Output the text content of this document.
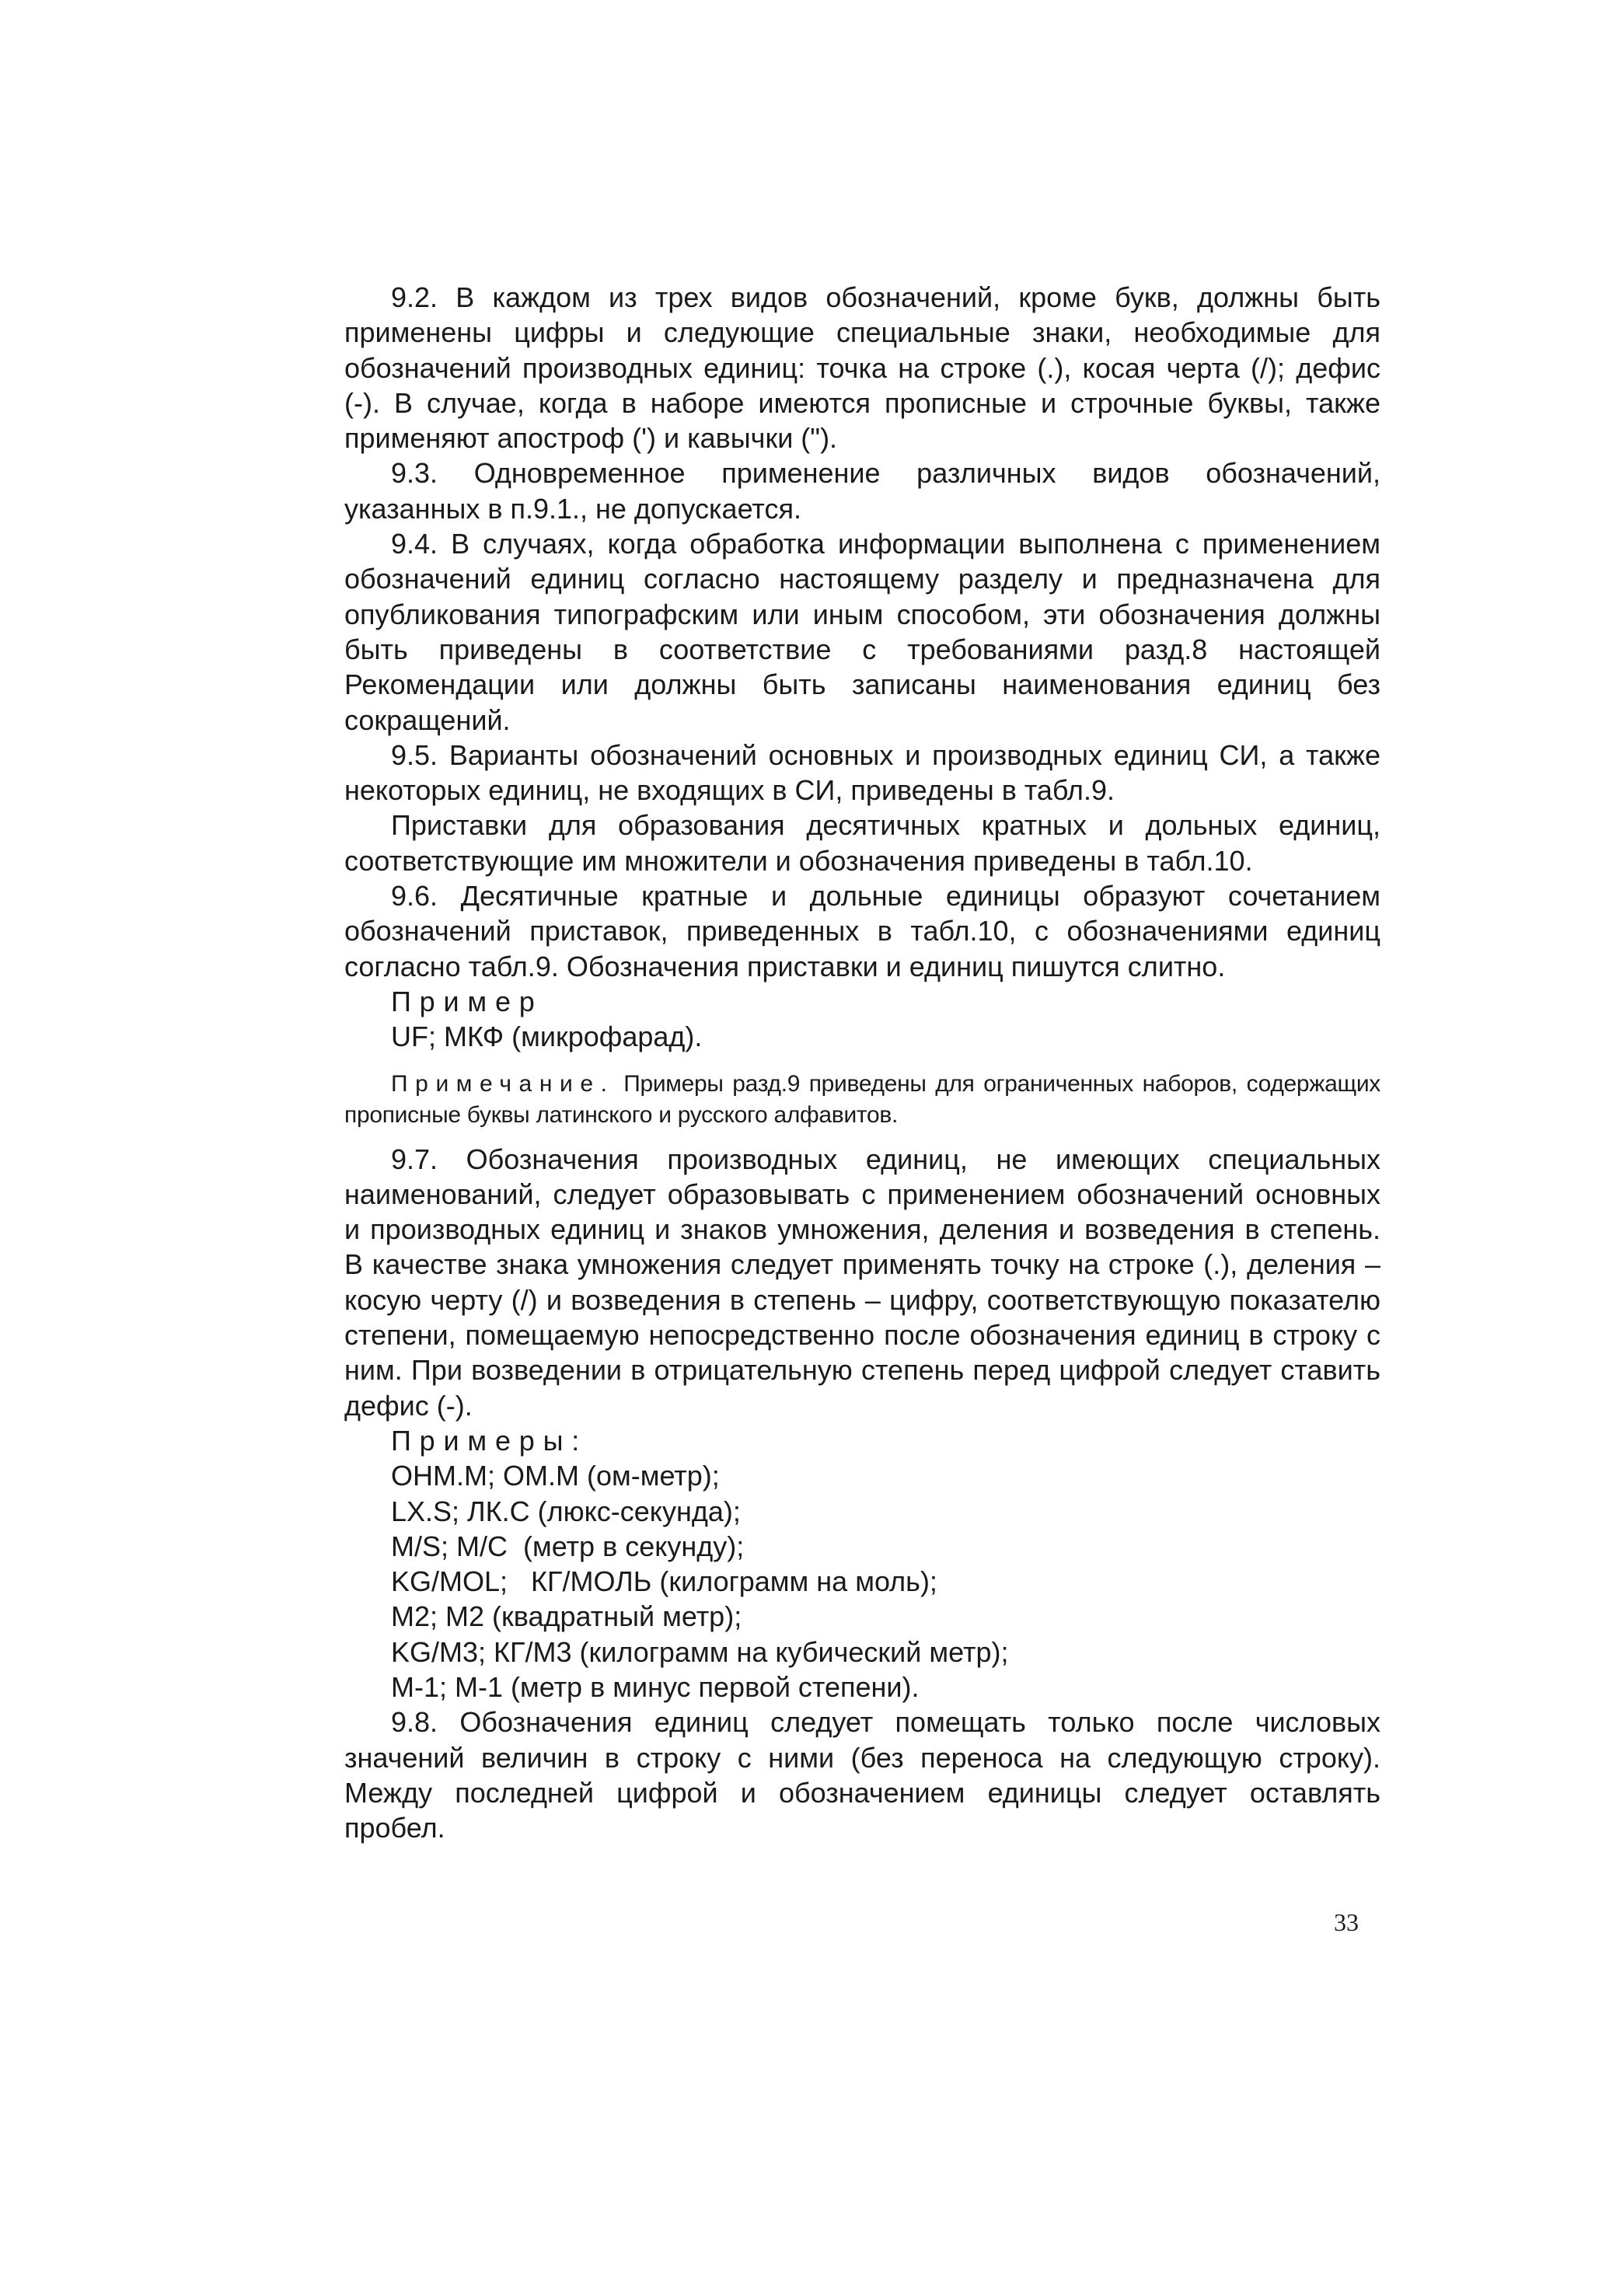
9.2. В каждом из трех видов обозначений, кроме букв, должны быть применены цифры и следующие специальные знаки, необходимые для обозначений производных единиц: точка на строке (.), косая черта (/); дефис (-). В случае, когда в наборе имеются прописные и строчные буквы, также применяют апостроф (') и кавычки (").

9.3. Одновременное применение различных видов обозначений, указанных в п.9.1., не допускается.

9.4. В случаях, когда обработка информации выполнена с применением обозначений единиц согласно настоящему разделу и предназначена для опубликования типографским или иным способом, эти обозначения должны быть приведены в соответствие с требованиями разд.8 настоящей Рекомендации или должны быть записаны наименования единиц без сокращений.

9.5. Варианты обозначений основных и производных единиц СИ, а также некоторых единиц, не входящих в СИ, приведены в табл.9.

Приставки для образования десятичных кратных и дольных единиц, соответствующие им множители и обозначения приведены в табл.10.

9.6. Десятичные кратные и дольные единицы образуют сочетанием обозначений приставок, приведенных в табл.10, с обозначениями единиц согласно табл.9. Обозначения приставки и единиц пишутся слитно.

Пример

UF; МКФ (микрофарад).

Примечание. Примеры разд.9 приведены для ограниченных наборов, содержащих прописные буквы латинского и русского алфавитов.

9.7. Обозначения производных единиц, не имеющих специальных наименований, следует образовывать с применением обозначений основных и производных единиц и знаков умножения, деления и возведения в степень. В качестве знака умножения следует применять точку на строке (.), деления – косую черту (/) и возведения в степень – цифру, соответствующую показателю степени, помещаемую непосредственно после обозначения единиц в строку с ним. При возведении в отрицательную степень перед цифрой следует ставить дефис (-).

Примеры:

OHM.M; OM.M (ом-метр);

LX.S; ЛК.С (люкс-секунда);

M/S; M/C  (метр в секунду);

KG/MOL;   КГ/МОЛЬ (килограмм на моль);

M2; M2 (квадратный метр);

KG/M3; КГ/М3 (килограмм на кубический метр);

M-1; M-1 (метр в минус первой степени).

9.8. Обозначения единиц следует помещать только после числовых значений величин в строку с ними (без переноса на следующую строку). Между последней цифрой и обозначением единицы следует оставлять пробел.

33
